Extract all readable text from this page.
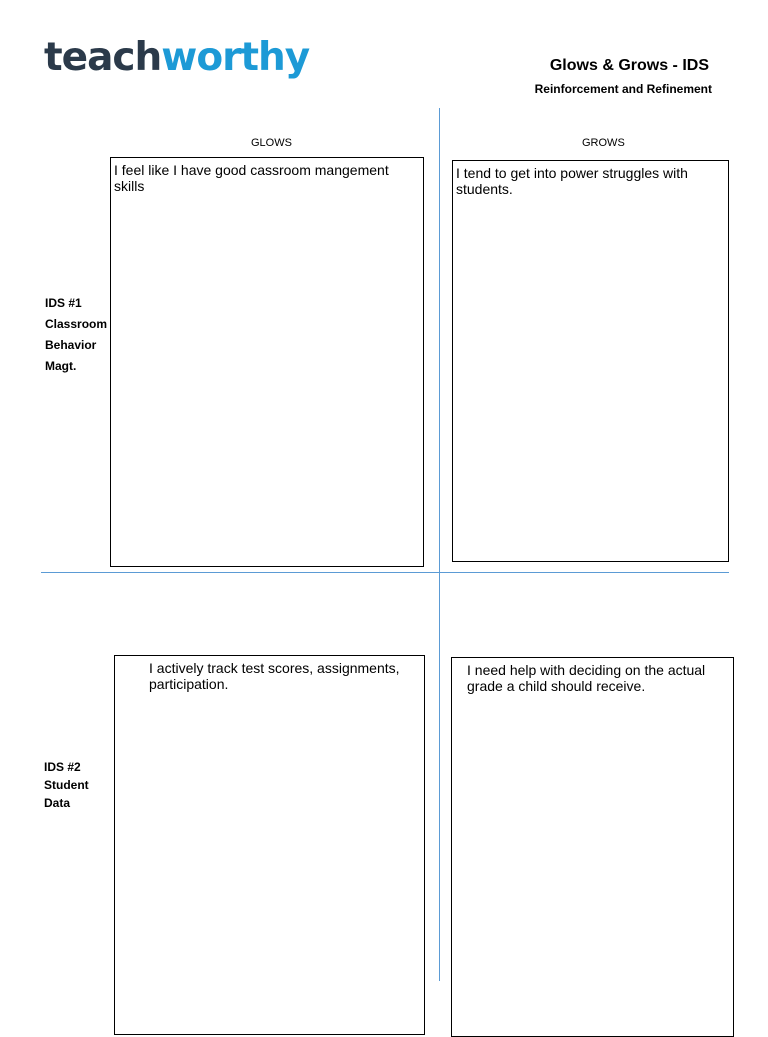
teachworthy	Glows & Grows - IDS
Reinforcement and Refinement
GLOWS	GROWS
IDS #1
Classroom
Behavior
Magt.
IDS #2
Student
Data
I feel like I have good cassroom mangement skills
I tend to get into power struggles with students.
I actively track test scores, assignments, participation.
I need help with deciding on the actual grade a child should receive.
